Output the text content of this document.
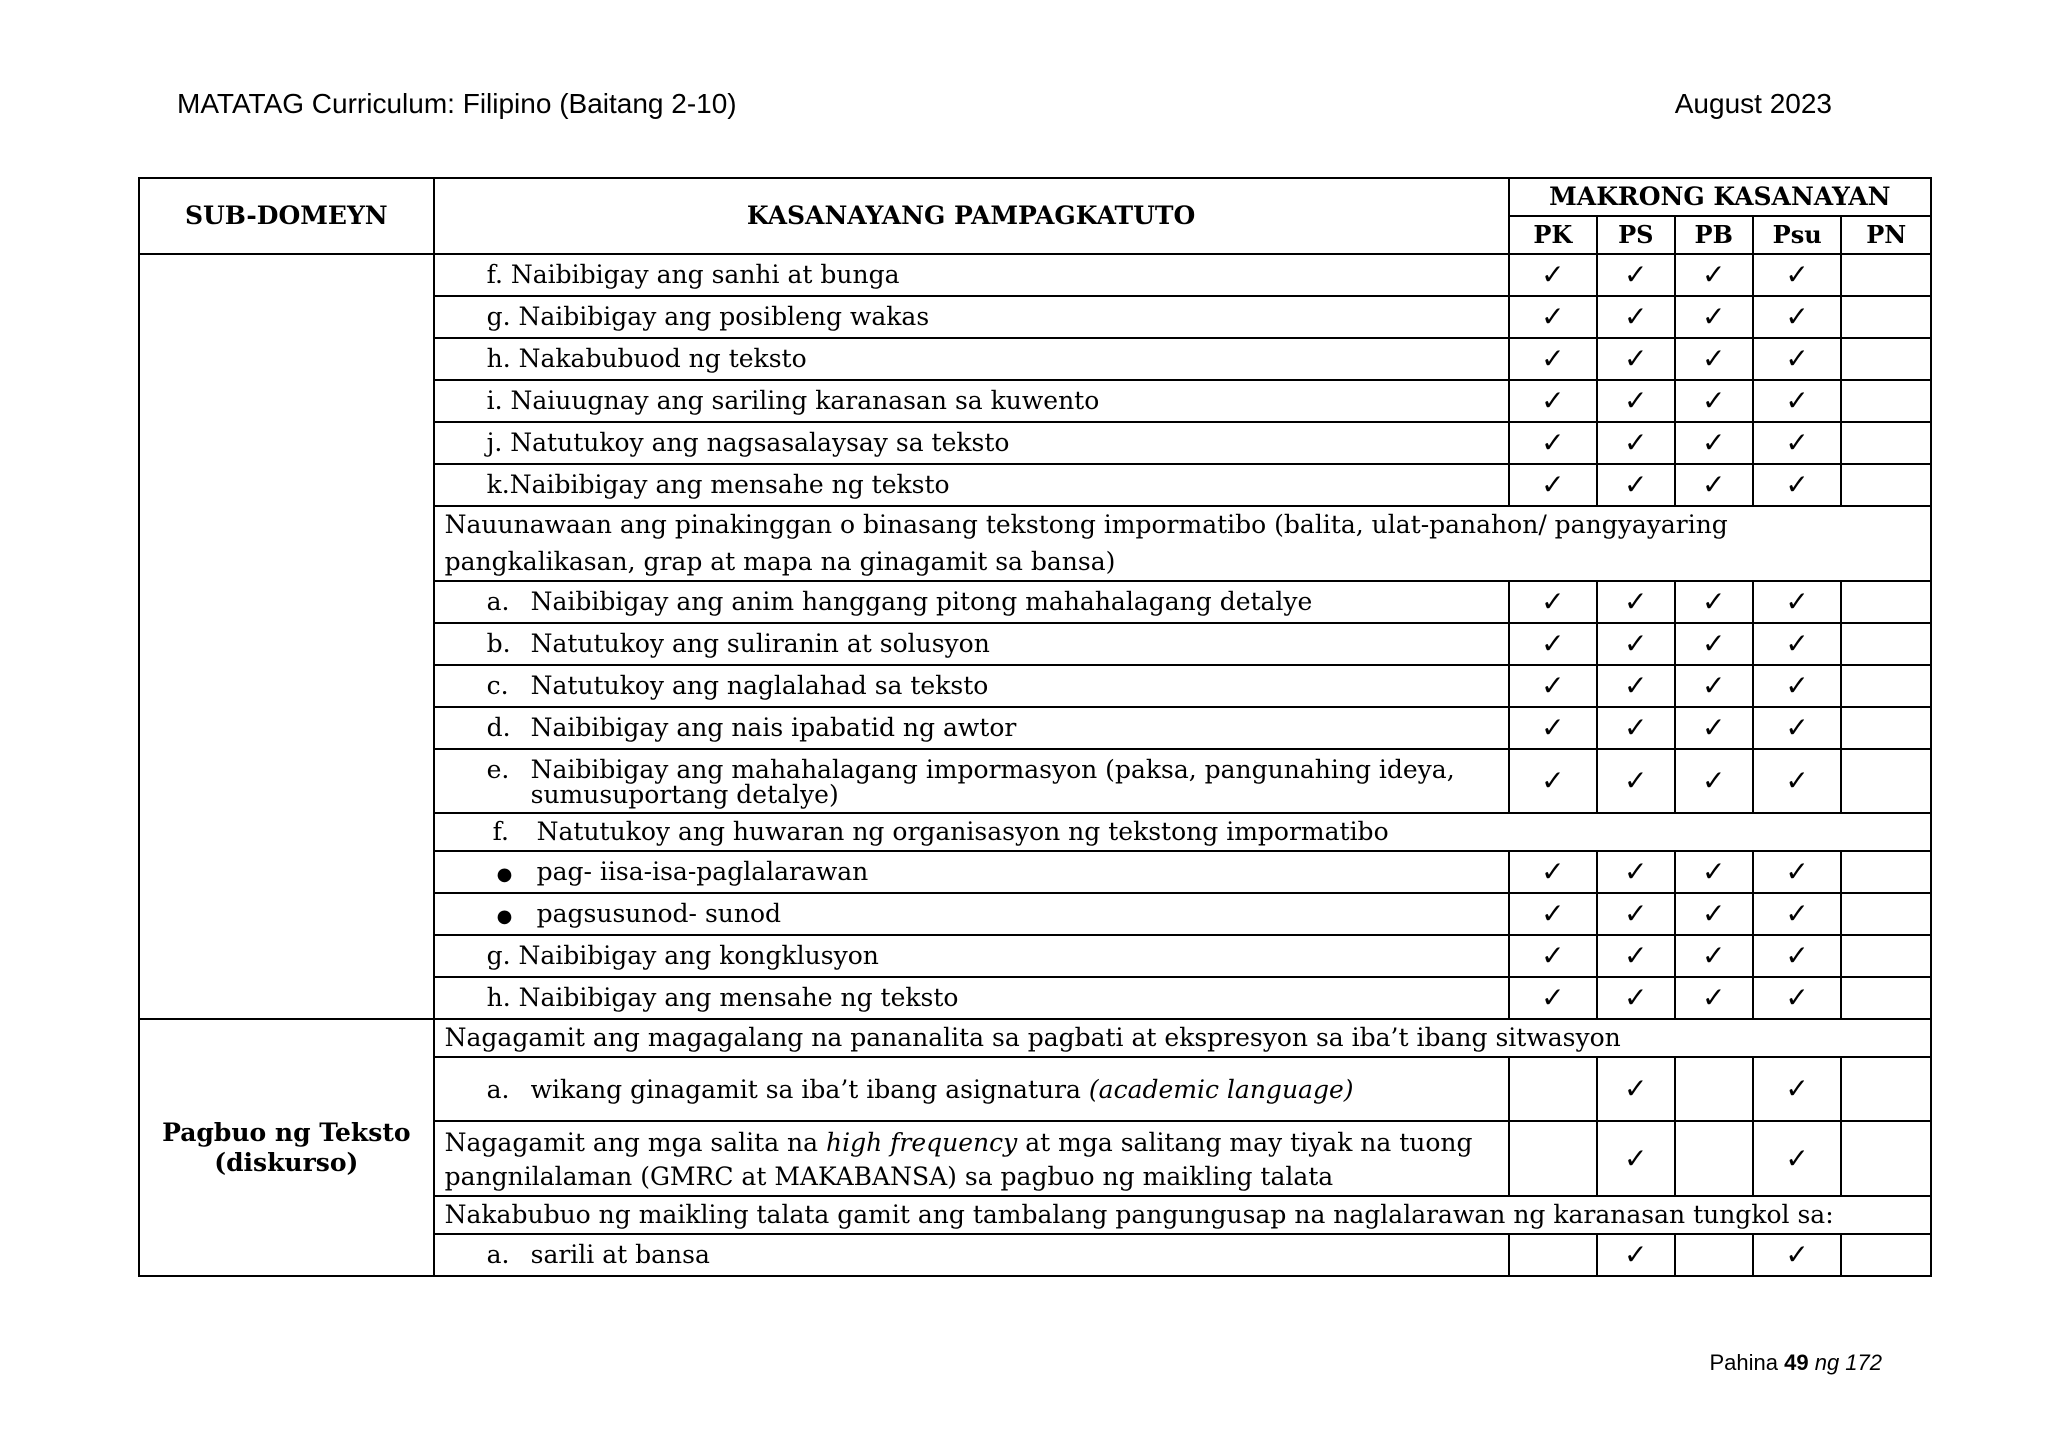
MATATAG Curriculum: Filipino (Baitang 2-10)	August 2023
SUB-DOMEYN	KASANAYANG PAMPAGKATUTO	MAKRONG KASANAYAN				
		PK	PS	PB	Psu	PN
	f. Naibibigay ang sanhi at bunga	✓	✓	✓	✓	
	g. Naibibigay ang posibleng wakas	✓	✓	✓	✓	
	h. Nakabubuod ng teksto	✓	✓	✓	✓	
	i. Naiuugnay ang sariling karanasan sa kuwento	✓	✓	✓	✓	
	j. Natutukoy ang nagsasalaysay sa teksto	✓	✓	✓	✓	
	k.Naibibigay ang mensahe ng teksto	✓	✓	✓	✓	
	Nauunawaan ang pinakinggan o binasang tekstong impormatibo (balita, ulat-panahon/ pangyayaring pangkalikasan, grap at mapa na ginagamit sa bansa)					
	a. Naibibigay ang anim hanggang pitong mahahalagang detalye	✓	✓	✓	✓	
	b. Natutukoy ang suliranin at solusyon	✓	✓	✓	✓	
	c. Natutukoy ang naglalahad sa teksto	✓	✓	✓	✓	
	d. Naibibigay ang nais ipabatid ng awtor	✓	✓	✓	✓	

	e. Naibibigay ang mahahalagang impormasyon (paksa, pangunahing ideya, sumusuportang detalye)	✓	✓	✓	✓	
	f. Natutukoy ang huwaran ng organisasyon ng tekstong impormatibo					
	● pag- iisa-isa-paglalarawan	✓	✓	✓	✓	
	● pagsusunod- sunod	✓	✓	✓	✓	
	g. Naibibigay ang kongklusyon	✓	✓	✓	✓	
	h. Naibibigay ang mensahe ng teksto	✓	✓	✓	✓	

Pagbuo ng Teksto
(diskurso)	Nagagamit ang magagalang na pananalita sa pagbati at ekspresyon sa iba’t ibang sitwasyon					
	a. wikang ginagamit sa iba’t ibang asignatura (academic language)		✓		✓	
	Nagagamit ang mga salita na high frequency at mga salitang may tiyak na tuong pangnilalaman (GMRC at MAKABANSA) sa pagbuo ng maikling talata		✓		✓	
	Nakabubuo ng maikling talata gamit ang tambalang pangungusap na naglalarawan ng karanasan tungkol sa:					
	a. sarili at bansa		✓		✓	
Pahina 49 ng 172
